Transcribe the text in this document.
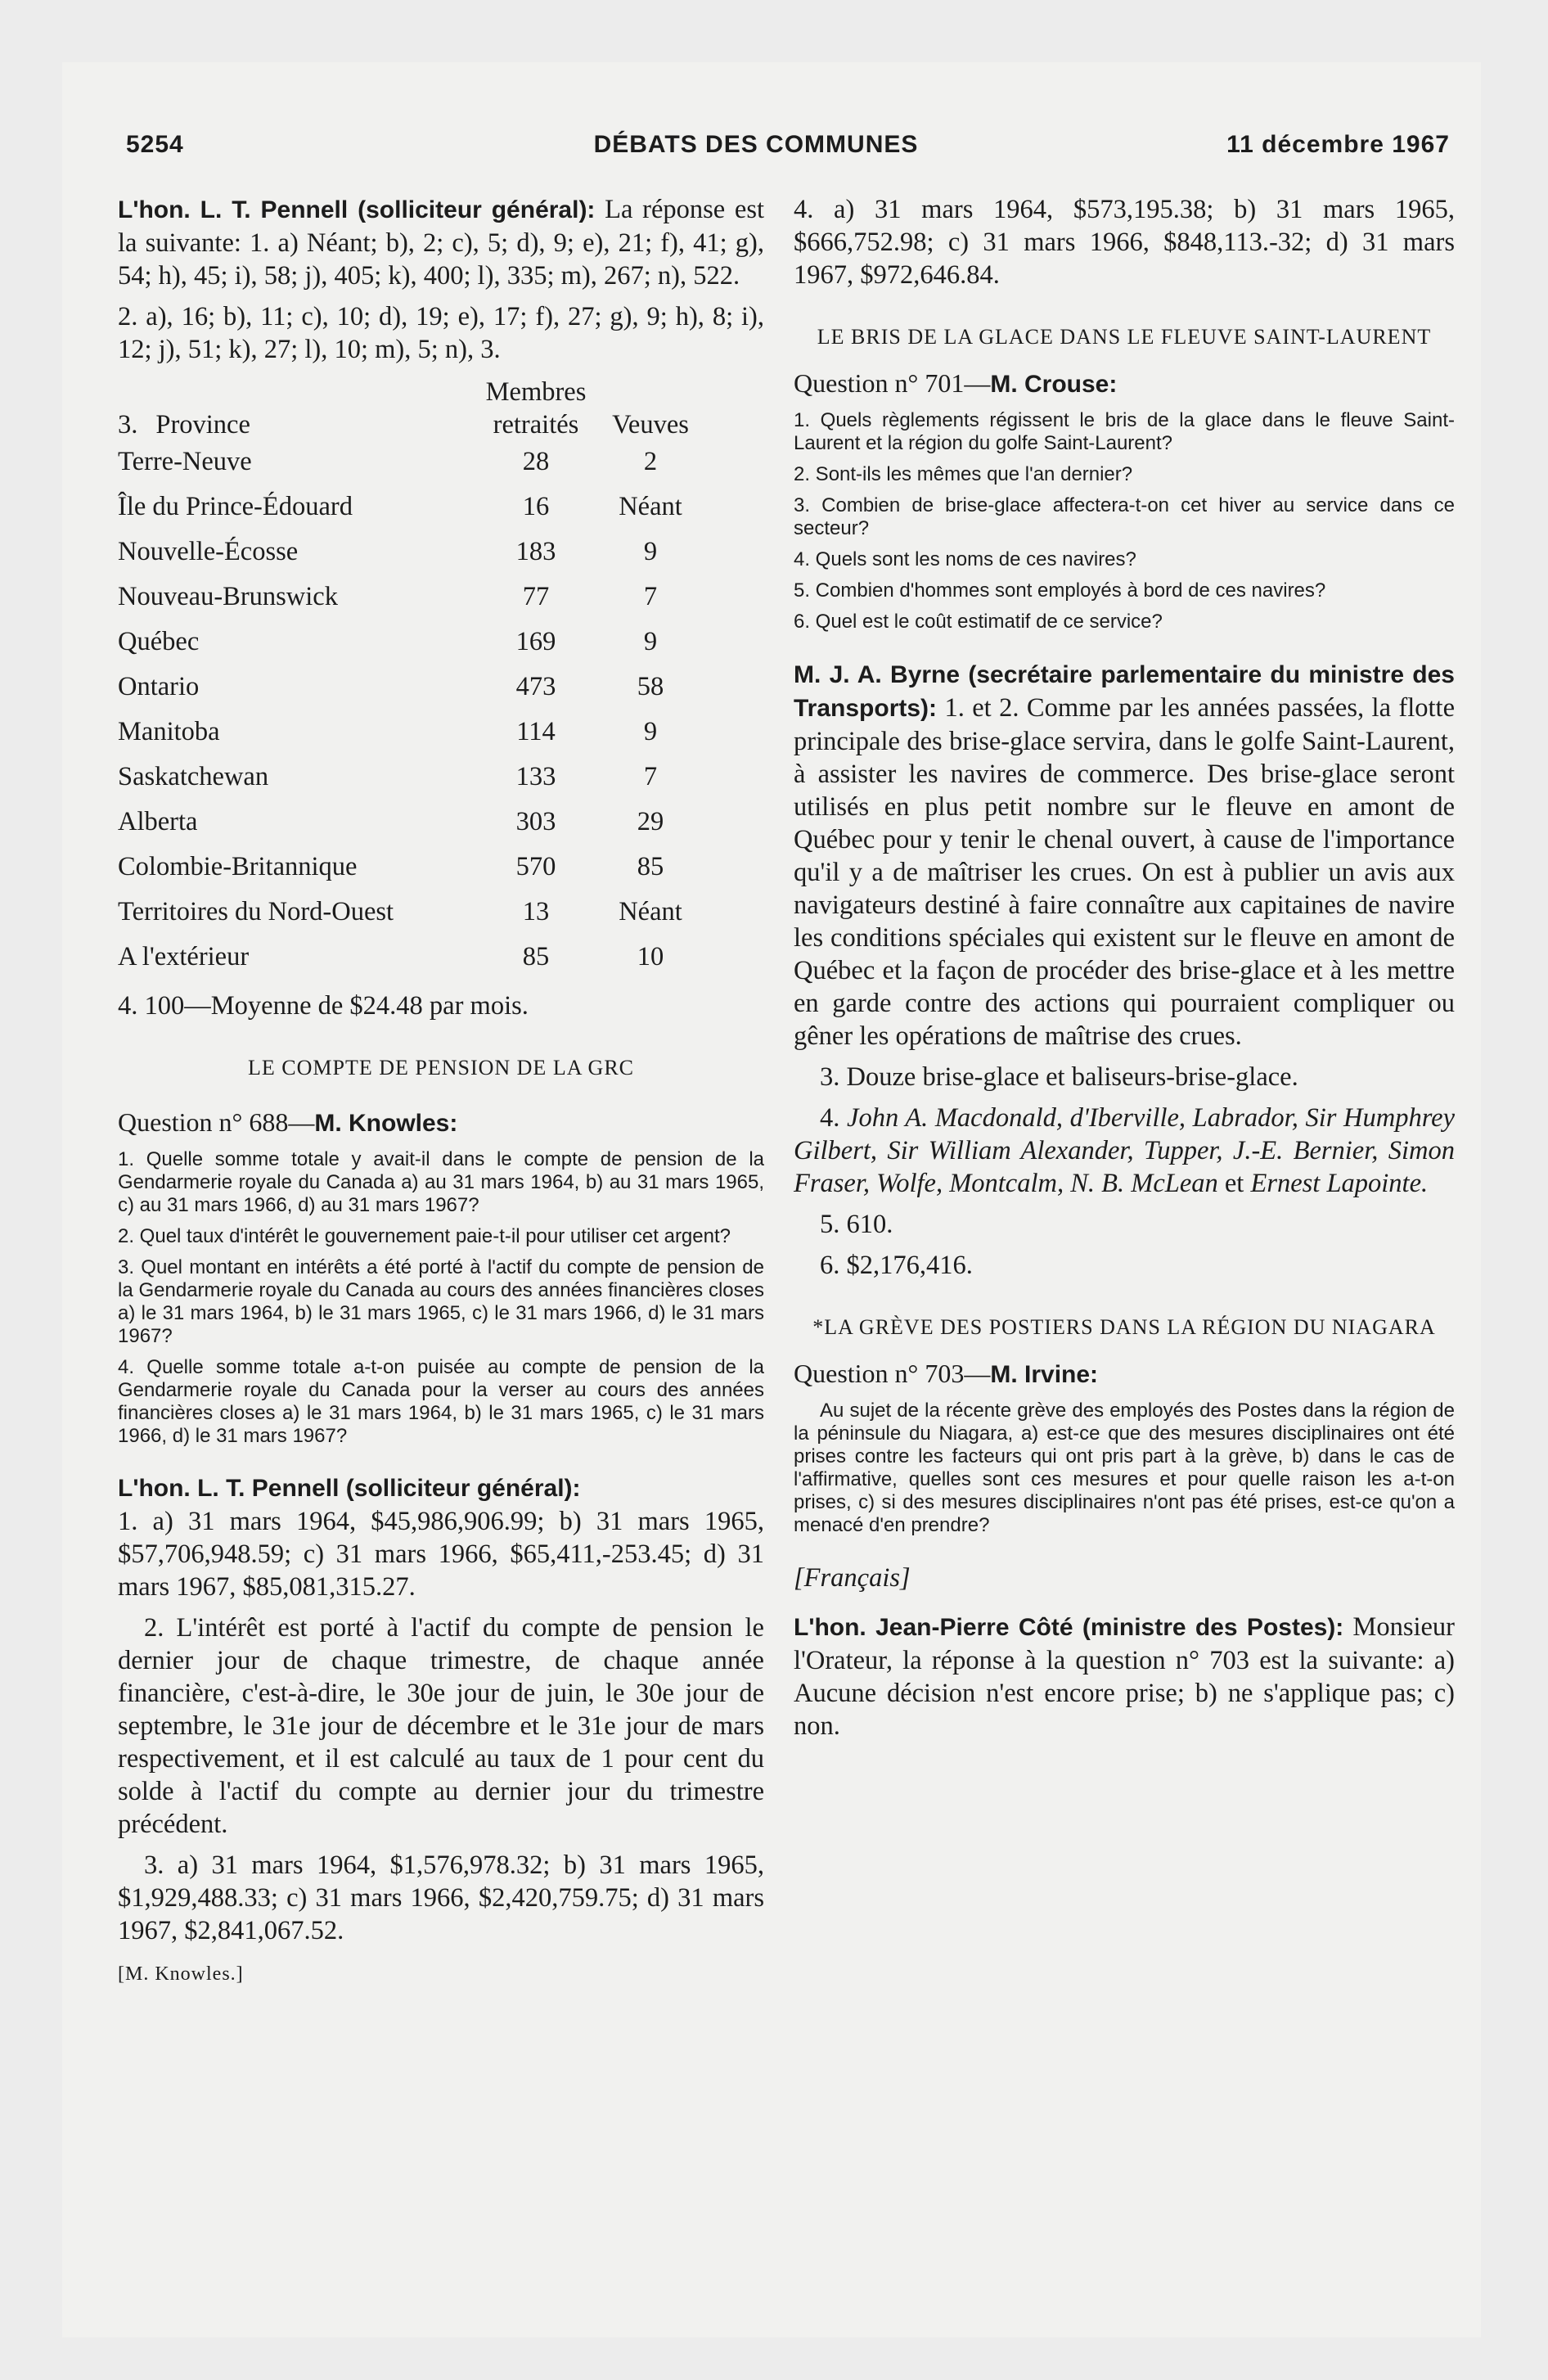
5254	DÉBATS DES COMMUNES	11 décembre 1967

L'hon. L. T. Pennell (solliciteur général): La réponse est la suivante: 1. a) Néant; b), 2; c), 5; d), 9; e), 21; f), 41; g), 54; h), 45; i), 58; j), 405; k), 400; l), 335; m), 267; n), 522.

2. a), 16; b), 11; c), 10; d), 19; e), 17; f), 27; g), 9; h), 8; i), 12; j), 51; k), 27; l), 10; m), 5; n), 3.

	Membres	
3. Province	retraités	Veuves
Terre-Neuve	28	2
Île du Prince-Édouard	16	Néant
Nouvelle-Écosse	183	9
Nouveau-Brunswick	77	7
Québec	169	9
Ontario	473	58
Manitoba	114	9
Saskatchewan	133	7
Alberta	303	29
Colombie-Britannique	570	85
Territoires du Nord-Ouest	13	Néant
A l'extérieur	85	10

4. 100—Moyenne de $24.48 par mois.

LE COMPTE DE PENSION DE LA GRC

Question n° 688—M. Knowles:

1. Quelle somme totale y avait-il dans le compte de pension de la Gendarmerie royale du Canada a) au 31 mars 1964, b) au 31 mars 1965, c) au 31 mars 1966, d) au 31 mars 1967?

2. Quel taux d'intérêt le gouvernement paie-t-il pour utiliser cet argent?

3. Quel montant en intérêts a été porté à l'actif du compte de pension de la Gendarmerie royale du Canada au cours des années financières closes a) le 31 mars 1964, b) le 31 mars 1965, c) le 31 mars 1966, d) le 31 mars 1967?

4. Quelle somme totale a-t-on puisée au compte de pension de la Gendarmerie royale du Canada pour la verser au cours des années financières closes a) le 31 mars 1964, b) le 31 mars 1965, c) le 31 mars 1966, d) le 31 mars 1967?

L'hon. L. T. Pennell (solliciteur général):

1. a) 31 mars 1964, $45,986,906.99; b) 31 mars 1965, $57,706,948.59; c) 31 mars 1966, $65,411,-253.45; d) 31 mars 1967, $85,081,315.27.

2. L'intérêt est porté à l'actif du compte de pension le dernier jour de chaque trimestre, de chaque année financière, c'est-à-dire, le 30e jour de juin, le 30e jour de septembre, le 31e jour de décembre et le 31e jour de mars respectivement, et il est calculé au taux de 1 pour cent du solde à l'actif du compte au dernier jour du trimestre précédent.

3. a) 31 mars 1964, $1,576,978.32; b) 31 mars 1965, $1,929,488.33; c) 31 mars 1966, $2,420,759.75; d) 31 mars 1967, $2,841,067.52.

[M. Knowles.]

4. a) 31 mars 1964, $573,195.38; b) 31 mars 1965, $666,752.98; c) 31 mars 1966, $848,113.-32; d) 31 mars 1967, $972,646.84.

LE BRIS DE LA GLACE DANS LE FLEUVE SAINT-LAURENT

Question n° 701—M. Crouse:

1. Quels règlements régissent le bris de la glace dans le fleuve Saint-Laurent et la région du golfe Saint-Laurent?

2. Sont-ils les mêmes que l'an dernier?

3. Combien de brise-glace affectera-t-on cet hiver au service dans ce secteur?

4. Quels sont les noms de ces navires?

5. Combien d'hommes sont employés à bord de ces navires?

6. Quel est le coût estimatif de ce service?

M. J. A. Byrne (secrétaire parlementaire du ministre des Transports): 1. et 2. Comme par les années passées, la flotte principale des brise-glace servira, dans le golfe Saint-Laurent, à assister les navires de commerce. Des brise-glace seront utilisés en plus petit nombre sur le fleuve en amont de Québec pour y tenir le chenal ouvert, à cause de l'importance qu'il y a de maîtriser les crues. On est à publier un avis aux navigateurs destiné à faire connaître aux capitaines de navire les conditions spéciales qui existent sur le fleuve en amont de Québec et la façon de procéder des brise-glace et à les mettre en garde contre des actions qui pourraient compliquer ou gêner les opérations de maîtrise des crues.

3. Douze brise-glace et baliseurs-brise-glace.

4. John A. Macdonald, d'Iberville, Labrador, Sir Humphrey Gilbert, Sir William Alexander, Tupper, J.-E. Bernier, Simon Fraser, Wolfe, Montcalm, N. B. McLean et Ernest Lapointe.

5. 610.

6. $2,176,416.

*LA GRÈVE DES POSTIERS DANS LA RÉGION DU NIAGARA

Question n° 703—M. Irvine:

Au sujet de la récente grève des employés des Postes dans la région de la péninsule du Niagara, a) est-ce que des mesures disciplinaires ont été prises contre les facteurs qui ont pris part à la grève, b) dans le cas de l'affirmative, quelles sont ces mesures et pour quelle raison les a-t-on prises, c) si des mesures disciplinaires n'ont pas été prises, est-ce qu'on a menacé d'en prendre?

[Français]

L'hon. Jean-Pierre Côté (ministre des Postes): Monsieur l'Orateur, la réponse à la question n° 703 est la suivante: a) Aucune décision n'est encore prise; b) ne s'applique pas; c) non.
